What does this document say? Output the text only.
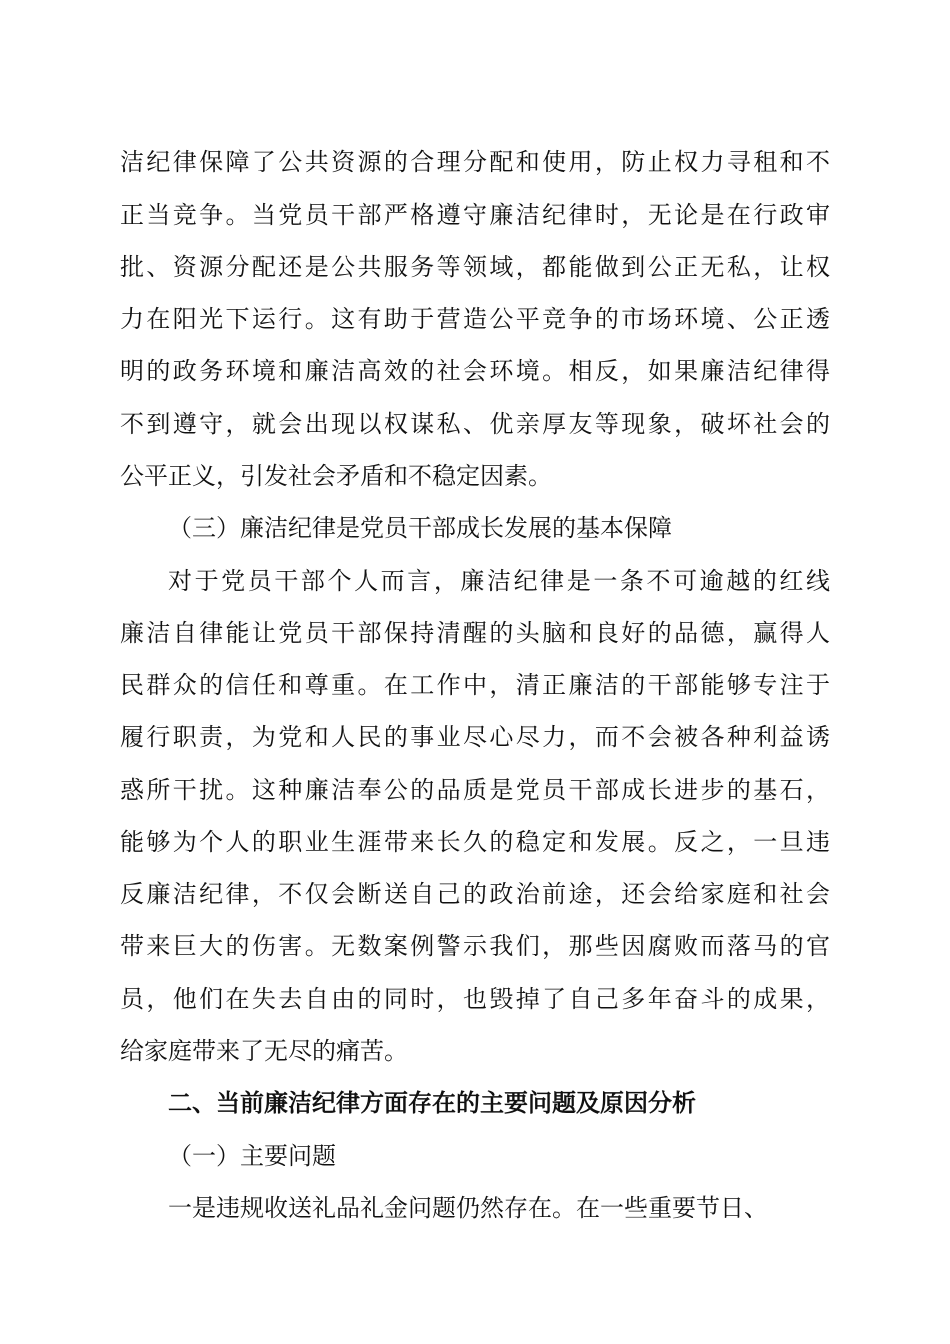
洁纪律保障了公共资源的合理分配和使用，防止权力寻租和不
正当竞争。当党员干部严格遵守廉洁纪律时，无论是在行政审
批、资源分配还是公共服务等领域，都能做到公正无私，让权
力在阳光下运行。这有助于营造公平竞争的市场环境、公正透
明的政务环境和廉洁高效的社会环境。相反，如果廉洁纪律得
不到遵守，就会出现以权谋私、优亲厚友等现象，破坏社会的
公平正义，引发社会矛盾和不稳定因素。
（三）廉洁纪律是党员干部成长发展的基本保障
对于党员干部个人而言，廉洁纪律是一条不可逾越的红线
廉洁自律能让党员干部保持清醒的头脑和良好的品德，赢得人
民群众的信任和尊重。在工作中，清正廉洁的干部能够专注于
履行职责，为党和人民的事业尽心尽力，而不会被各种利益诱
惑所干扰。这种廉洁奉公的品质是党员干部成长进步的基石，
能够为个人的职业生涯带来长久的稳定和发展。反之，一旦违
反廉洁纪律，不仅会断送自己的政治前途，还会给家庭和社会
带来巨大的伤害。无数案例警示我们，那些因腐败而落马的官
员，他们在失去自由的同时，也毁掉了自己多年奋斗的成果，
给家庭带来了无尽的痛苦。
二、当前廉洁纪律方面存在的主要问题及原因分析
（一）主要问题
一是违规收送礼品礼金问题仍然存在。在一些重要节日、
